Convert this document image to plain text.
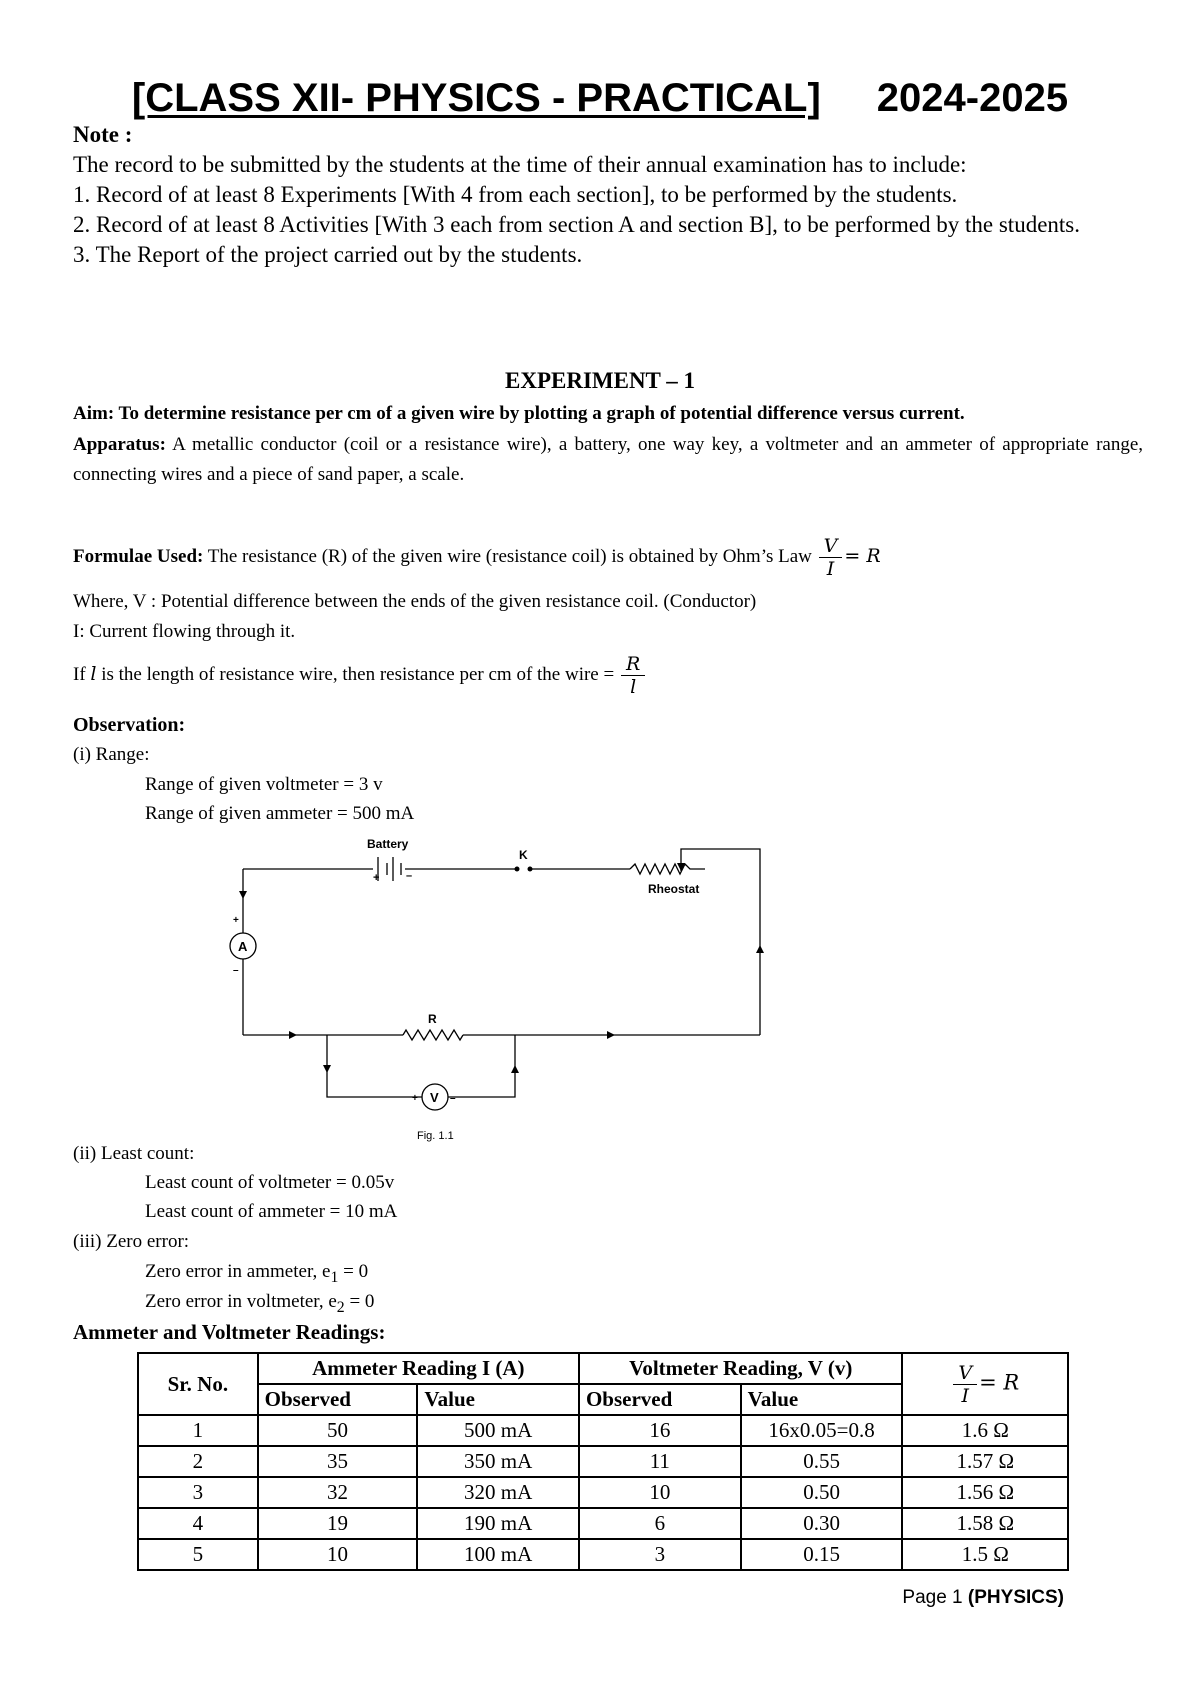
[CLASS XII- PHYSICS - PRACTICAL] 2024-2025

Note :

The record to be submitted by the students at the time of their annual examination has to include:

1. Record of at least 8 Experiments [With 4 from each section], to be performed by the students.

2. Record of at least 8 Activities [With 3 each from section A and section B], to be performed by the students.

3. The Report of the project carried out by the students.

EXPERIMENT – 1
Aim: To determine resistance per cm of a given wire by plotting a graph of potential difference versus current.
Apparatus: A metallic conductor (coil or a resistance wire), a battery, one way key, a voltmeter and an ammeter of appropriate range, connecting wires and a piece of sand paper, a scale.
Formulae Used: The resistance (R) of the given wire (resistance coil) is obtained by Ohm’s Law $\frac{V}{I} = R$
Where, V : Potential difference between the ends of the given resistance coil. (Conductor)
I: Current flowing through it.
If l is the length of resistance wire, then resistance per cm of the wire = $\frac{R}{l}$
Observation:
(i) Range:
Range of given voltmeter = 3 v
Range of given ammeter = 500 mA
Battery
+ –
K
Rheostat
A
+
–
R
V
+	–
Fig. 1.1
(ii) Least count:
Least count of voltmeter = 0.05v
Least count of ammeter = 10 mA
(iii) Zero error:
Zero error in ammeter, $e_1 = 0$
Zero error in voltmeter, $e_2 = 0$
Ammeter and Voltmeter Readings:
Sr. No.	Ammeter Reading I (A)		Voltmeter Reading, V (v)		$\frac{V}{I} = R$
	Observed	Value	Observed	Value	
1	50	500 mA	16	16x0.05=0.8	1.6 Ω
2	35	350 mA	11	0.55	1.57 Ω
3	32	320 mA	10	0.50	1.56 Ω
4	19	190 mA	6	0.30	1.58 Ω
5	10	100 mA	3	0.15	1.5 Ω
Page 1 (PHYSICS)
